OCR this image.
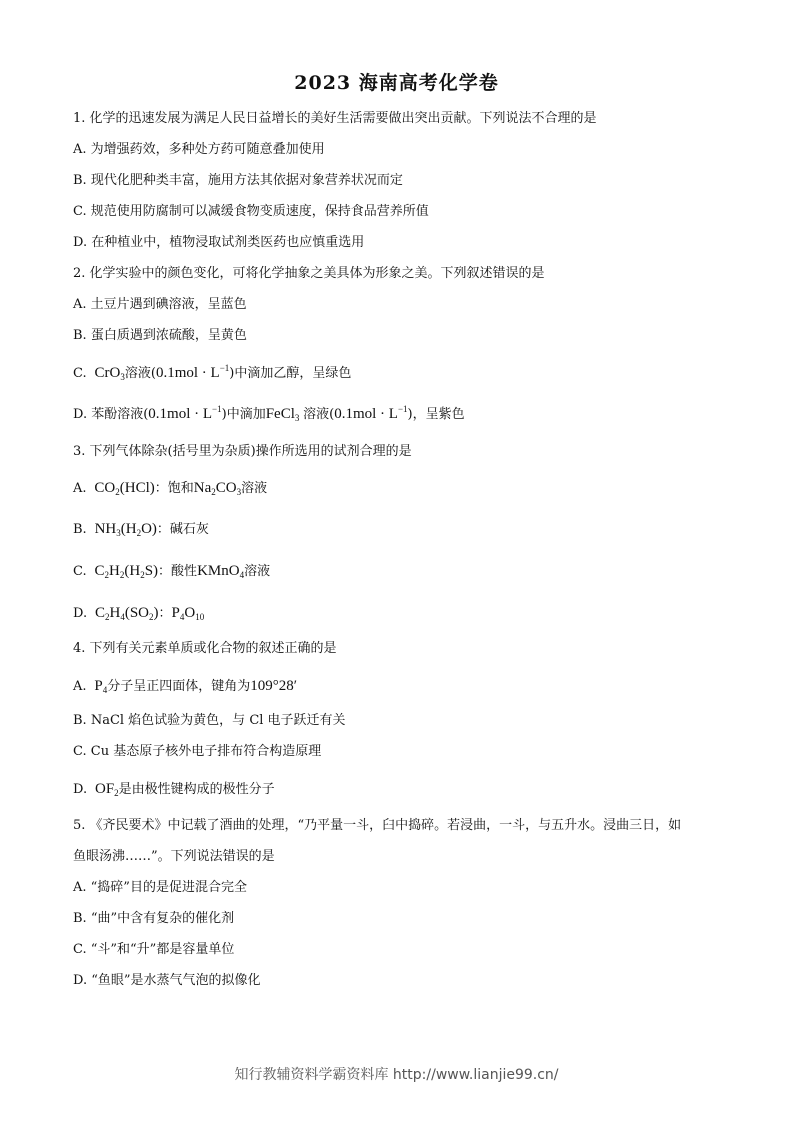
2023 海南高考化学卷
1. 化学的迅速发展为满足人民日益增长的美好生活需要做出突出贡献。下列说法不合理的是
A. 为增强药效，多种处方药可随意叠加使用
B. 现代化肥种类丰富，施用方法其依据对象营养状况而定
C. 规范使用防腐制可以减缓食物变质速度，保持食品营养所值
D. 在种植业中，植物浸取试剂类医药也应慎重选用
2. 化学实验中的颜色变化，可将化学抽象之美具体为形象之美。下列叙述错误的是
A. 土豆片遇到碘溶液，呈蓝色
B. 蛋白质遇到浓硫酸，呈黄色
C.  CrO$_3$溶液$(0.1mol \cdot L^{-1})$中滴加乙醇，呈绿色
D. 苯酚溶液$(0.1mol \cdot L^{-1})$中滴加FeCl$_3$ 溶液$(0.1mol \cdot L^{-1})$，呈紫色
3. 下列气体除杂(括号里为杂质)操作所选用的试剂合理的是
A.  $CO_2(HCl)$：饱和$Na_2CO_3$溶液
B.  $NH_3(H_2O)$：碱石灰
C.  $C_2H_2(H_2S)$：酸性KMnO$_4$溶液
D.  $C_2H_4(SO_2)$：$P_4O_{10}$
4. 下列有关元素单质或化合物的叙述正确的是
A.  $P_4$分子呈正四面体，键角为109°28′
B. NaCl 焰色试验为黄色，与 Cl 电子跃迁有关
C. Cu 基态原子核外电子排布符合构造原理
D.  $OF_2$是由极性键构成的极性分子
5. 《齐民要术》中记载了酒曲的处理，“乃平量一斗，臼中捣碎。若浸曲，一斗，与五升水。浸曲三日，如
鱼眼汤沸……”。下列说法错误的是
A. “捣碎”目的是促进混合完全
B. “曲”中含有复杂的催化剂
C. “斗”和“升”都是容量单位
D. “鱼眼”是水蒸气气泡的拟像化
知行教辅资料学霸资料库 http://www.lianjie99.cn/
